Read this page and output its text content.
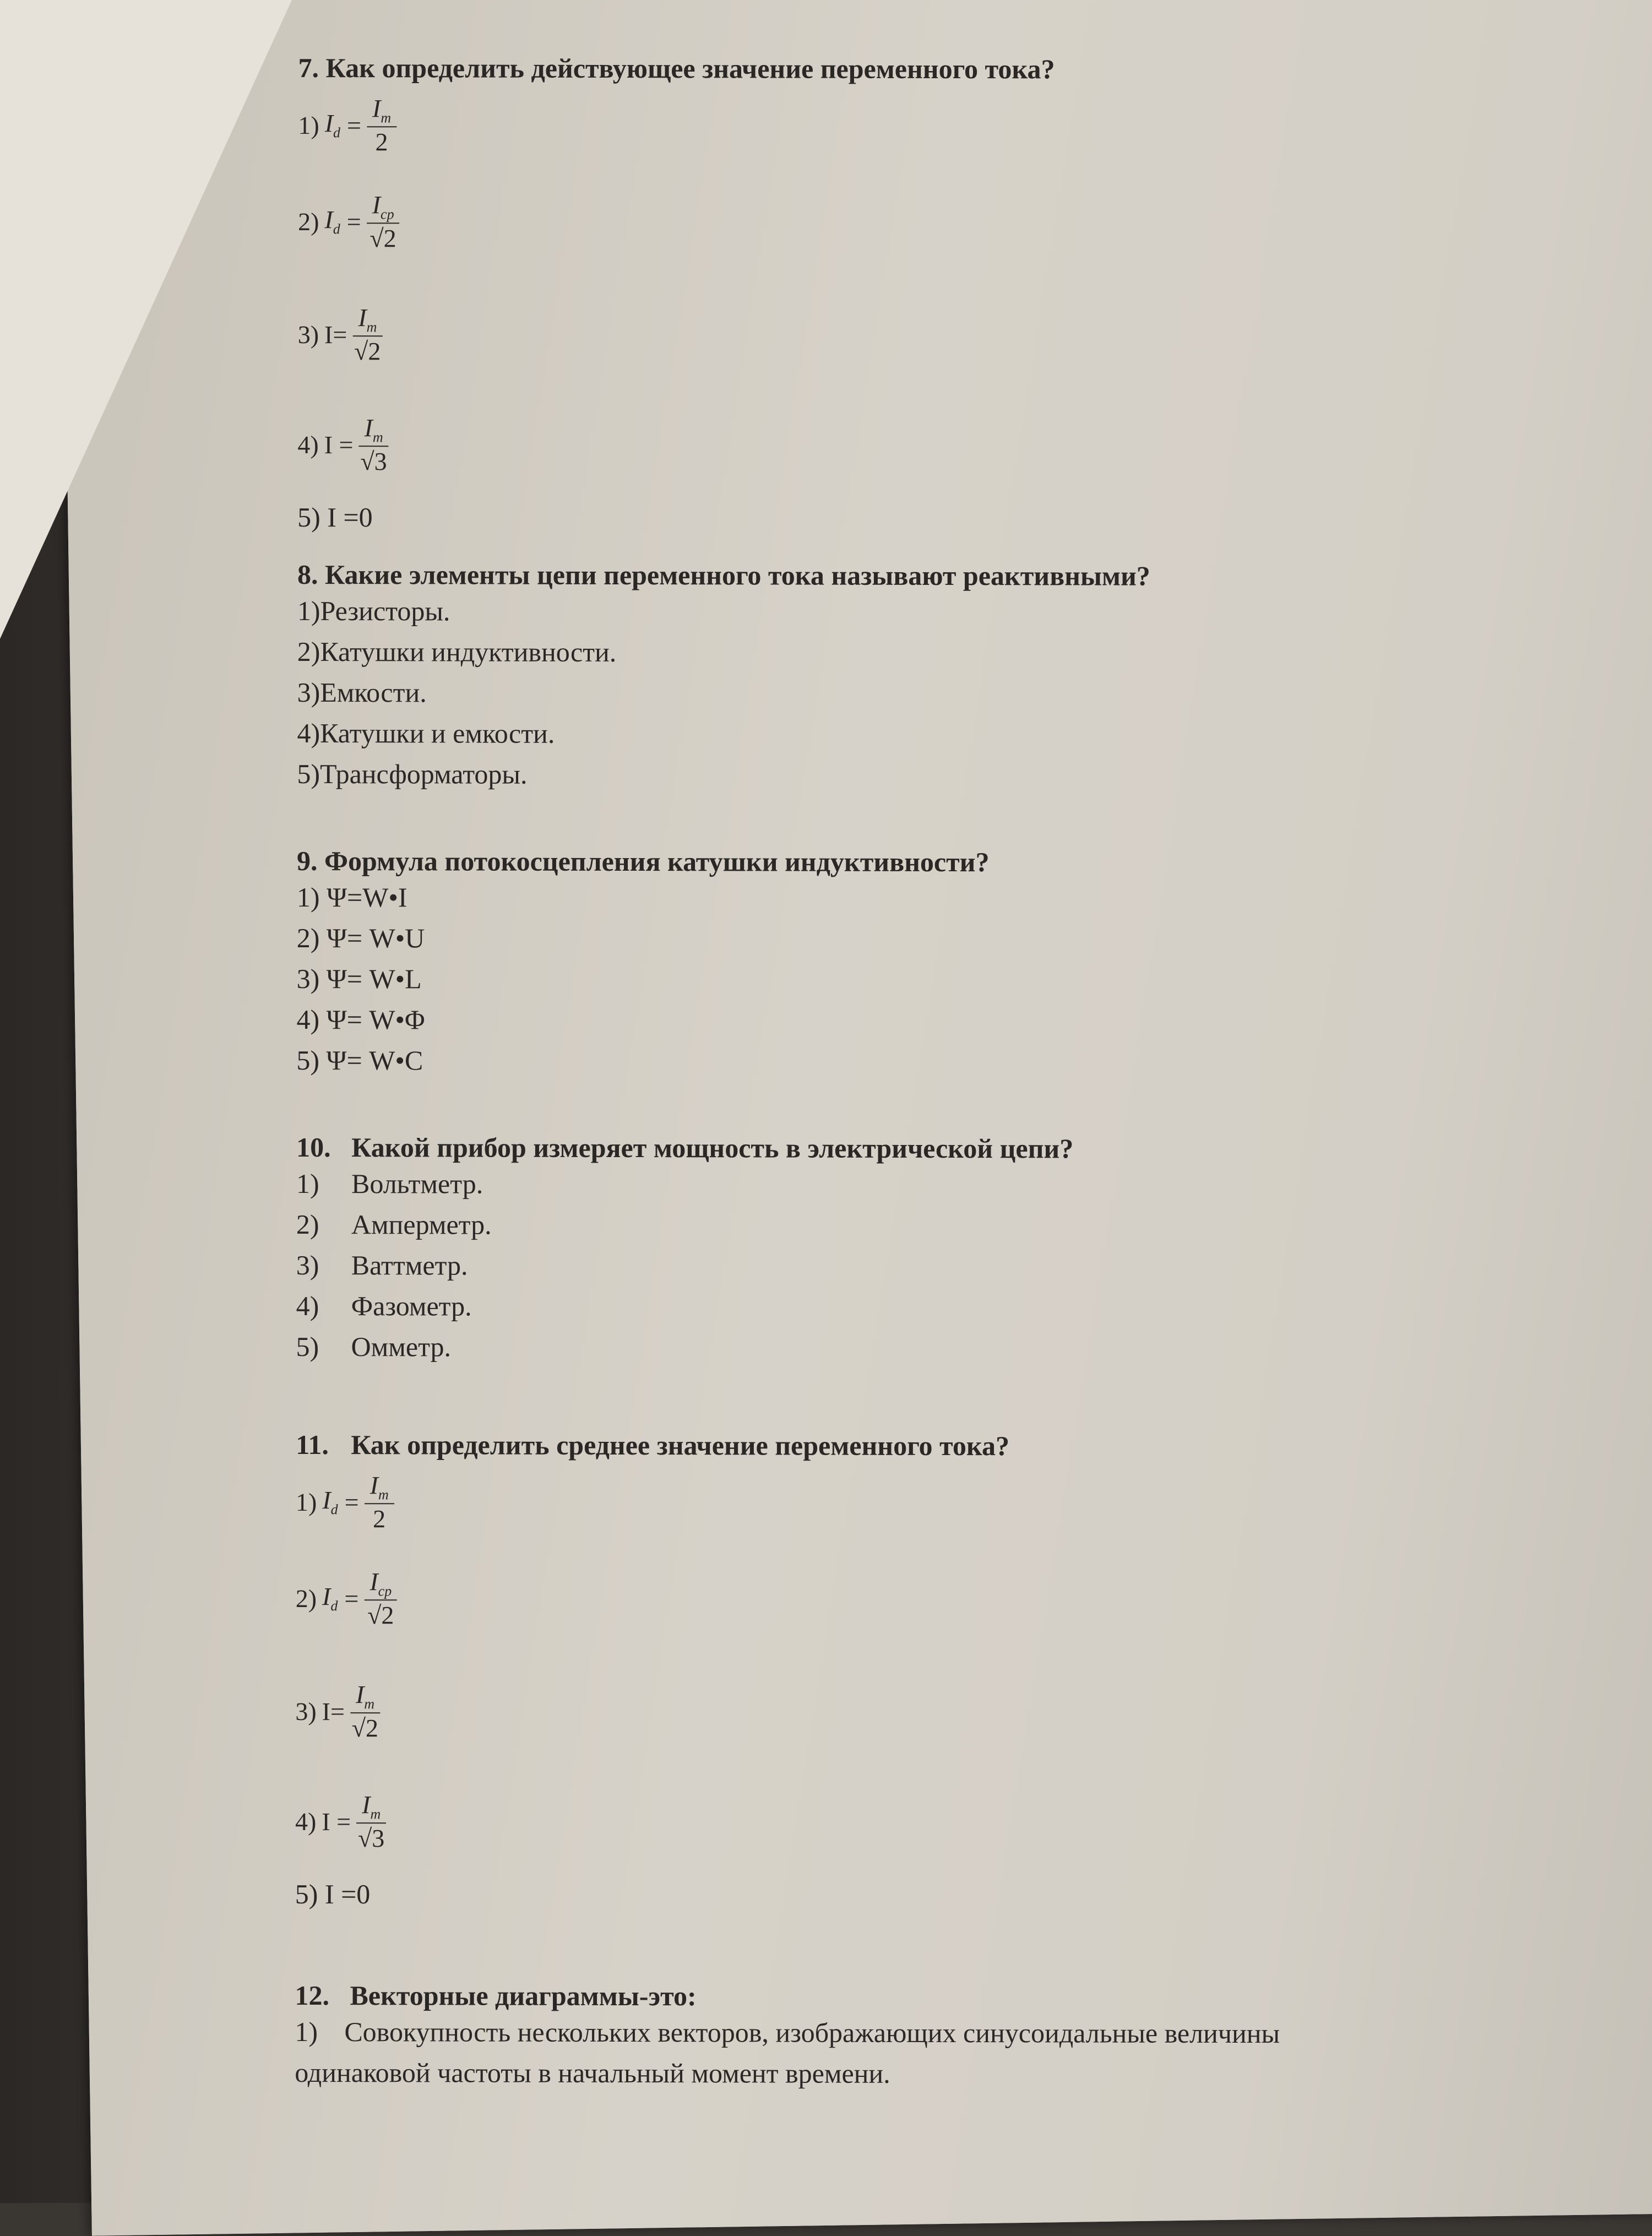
7. Как определить действующее значение переменного тока?

1) $I_d = \frac{I_m}{2}$
2) $I_d = \frac{I_{ср}}{√2}$
3) $I= \frac{I_m}{√2}$
4) $I = \frac{I_m}{√3}$
5) I =0

8. Какие элементы цепи переменного тока называют реактивными?

1)Резисторы.
2)Катушки индуктивности.
3)Емкости.
4)Катушки и емкости.
5)Трансформаторы.

9. Формула потокосцепления катушки индуктивности?

1) Ψ=W•I
2) Ψ= W•U
3) Ψ= W•L
4) Ψ= W•Φ
5) Ψ= W•C

10. Какой прибор измеряет мощность в электрической цепи?

1) Вольтметр.
2) Амперметр.
3) Ваттметр.
4) Фазометр.
5) Омметр.

11. Как определить среднее значение переменного тока?

1) $I_d = \frac{I_m}{2}$
2) $I_d = \frac{I_{ср}}{√2}$
3) $I= \frac{I_m}{√2}$
4) $I = \frac{I_m}{√3}$
5) I =0

12. Векторные диаграммы-это:

1) Совокупность нескольких векторов, изображающих синусоидальные величины
одинаковой частоты в начальный момент времени.
